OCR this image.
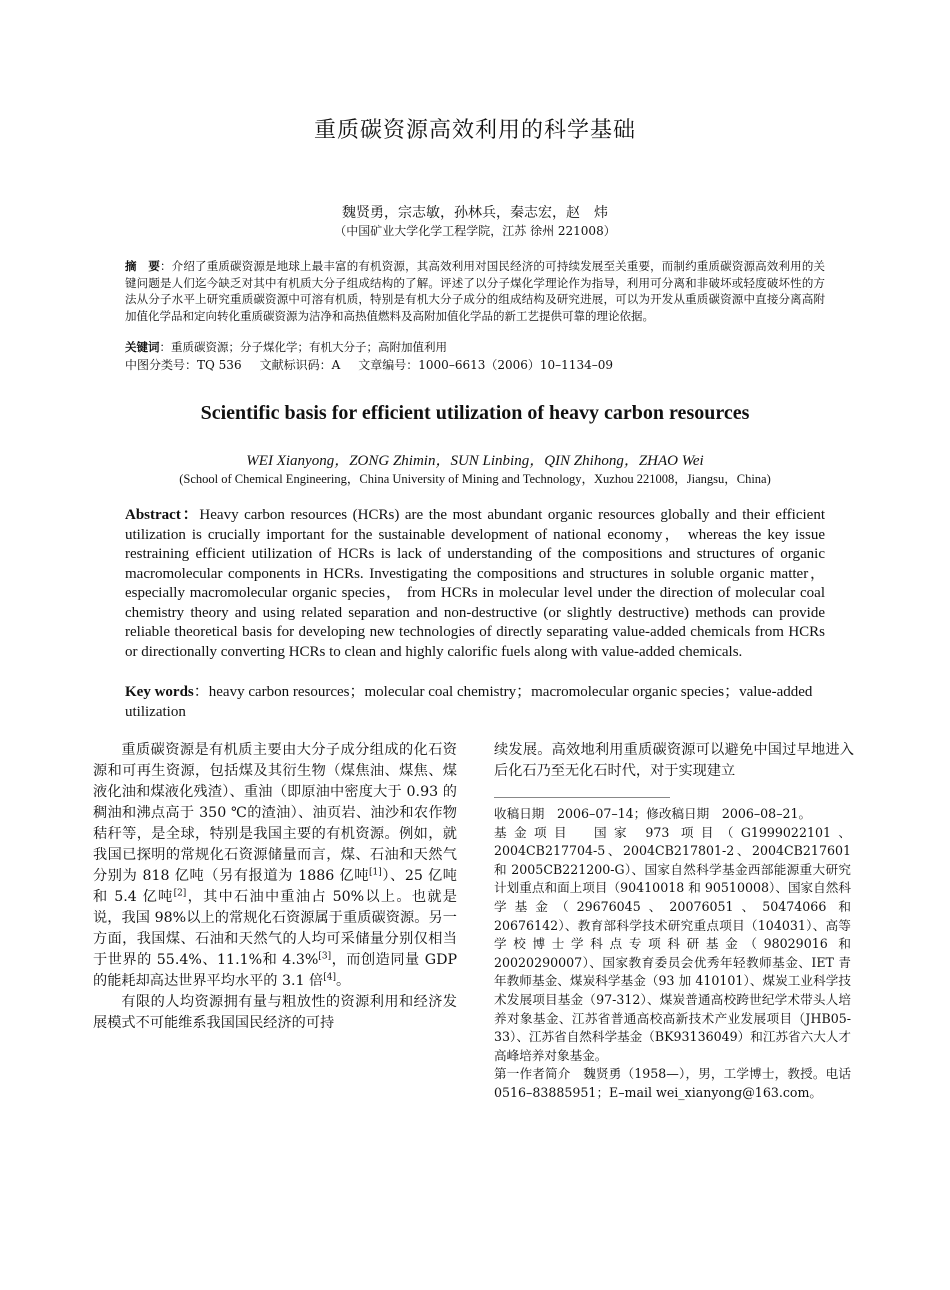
重质碳资源高效利用的科学基础
魏贤勇，宗志敏，孙林兵，秦志宏，赵　炜
（中国矿业大学化学工程学院，江苏 徐州 221008）
摘　要：介绍了重质碳资源是地球上最丰富的有机资源，其高效利用对国民经济的可持续发展至关重要，而制约重质碳资源高效利用的关键问题是人们迄今缺乏对其中有机质大分子组成结构的了解。评述了以分子煤化学理论作为指导，利用可分离和非破坏或轻度破坏性的方法从分子水平上研究重质碳资源中可溶有机质，特别是有机大分子成分的组成结构及研究进展，可以为开发从重质碳资源中直接分离高附加值化学品和定向转化重质碳资源为洁净和高热值燃料及高附加值化学品的新工艺提供可靠的理论依据。
关键词：重质碳资源；分子煤化学；有机大分子；高附加值利用
中图分类号：TQ 536 文献标识码：A 文章编号：1000–6613（2006）10–1134–09
Scientific basis for efficient utilization of heavy carbon resources
WEI Xianyong，ZONG Zhimin，SUN Linbing，QIN Zhihong，ZHAO Wei
(School of Chemical Engineering，China University of Mining and Technology，Xuzhou 221008，Jiangsu，China)
Abstract：Heavy carbon resources (HCRs) are the most abundant organic resources globally and their efficient utilization is crucially important for the sustainable development of national economy， whereas the key issue restraining efficient utilization of HCRs is lack of understanding of the compositions and structures of organic macromolecular components in HCRs. Investigating the compositions and structures in soluble organic matter， especially macromolecular organic species， from HCRs in molecular level under the direction of molecular coal chemistry theory and using related separation and non-destructive (or slightly destructive) methods can provide reliable theoretical basis for developing new technologies of directly separating value-added chemicals from HCRs or directionally converting HCRs to clean and highly calorific fuels along with value-added chemicals.
Key words：heavy carbon resources；molecular coal chemistry；macromolecular organic species；value-added utilization

重质碳资源是有机质主要由大分子成分组成的化石资源和可再生资源，包括煤及其衍生物（煤焦油、煤焦、煤液化油和煤液化残渣）、重油（即原油中密度大于 0.93 的稠油和沸点高于 350 ℃的渣油）、油页岩、油沙和农作物秸秆等，是全球，特别是我国主要的有机资源。例如，就我国已探明的常规化石资源储量而言，煤、石油和天然气分别为 818 亿吨（另有报道为 1886 亿吨[1]）、25 亿吨和 5.4 亿吨[2]，其中石油中重油占 50%以上。也就是说，我国 98%以上的常规化石资源属于重质碳资源。另一方面，我国煤、石油和天然气的人均可采储量分别仅相当于世界的 55.4%、11.1%和 4.3%[3]，而创造同量 GDP 的能耗却高达世界平均水平的 3.1 倍[4]。

有限的人均资源拥有量与粗放性的资源利用和经济发展模式不可能维系我国国民经济的可持

续发展。高效地利用重质碳资源可以避免中国过早地进入后化石乃至无化石时代，对于实现建立

收稿日期　2006–07–14；修改稿日期　2006–08–21。

基金项目　国家 973 项目（G1999022101、2004CB217704-5、2004CB217801-2、2004CB217601 和 2005CB221200-G）、国家自然科学基金西部能源重大研究计划重点和面上项目（90410018 和 90510008）、国家自然科学基金（29676045、20076051、50474066 和 20676142）、教育部科学技术研究重点项目（104031）、高等学校博士学科点专项科研基金（98029016 和 20020290007）、国家教育委员会优秀年轻教师基金、IET 青年教师基金、煤炭科学基金（93 加 410101）、煤炭工业科学技术发展项目基金（97-312）、煤炭普通高校跨世纪学术带头人培养对象基金、江苏省普通高校高新技术产业发展项目（JHB05-33）、江苏省自然科学基金（BK93136049）和江苏省六大人才高峰培养对象基金。

第一作者简介　魏贤勇（1958—），男，工学博士，教授。电话 0516–83885951；E–mail wei_xianyong@163.com。
